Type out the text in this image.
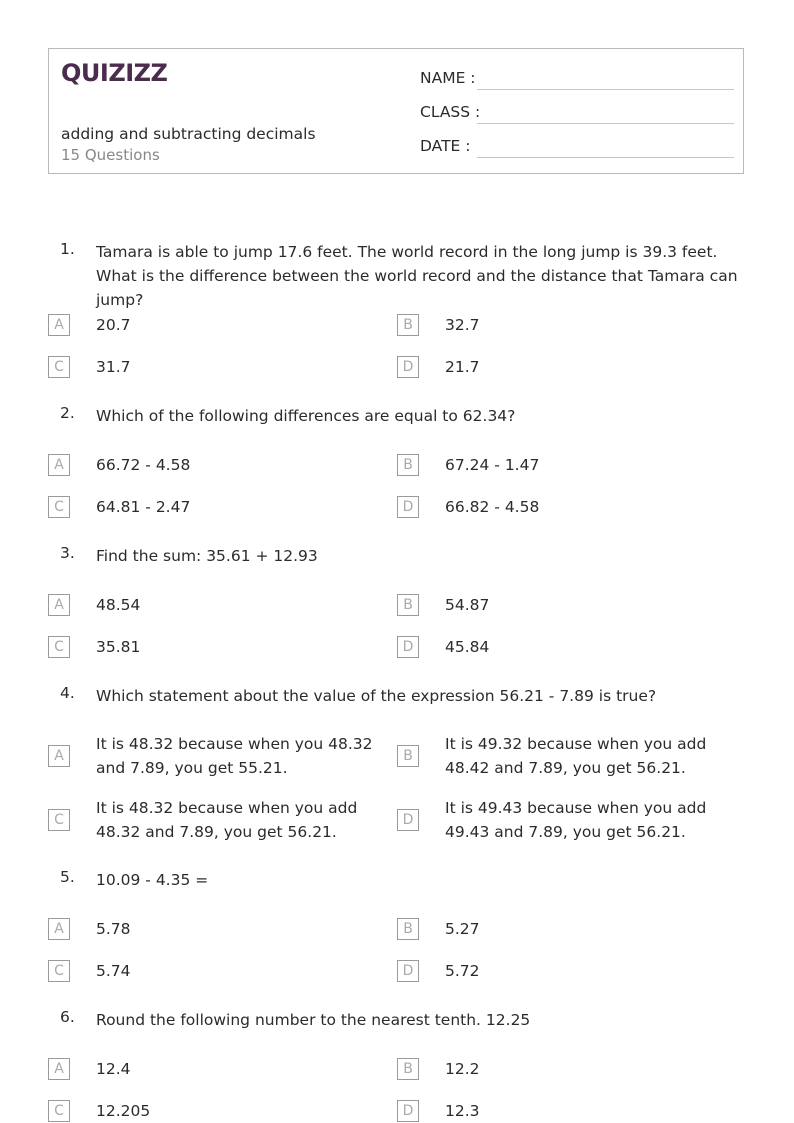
QUIZIZZ
adding and subtracting decimals
15 Questions
NAME :
CLASS :
DATE :
1. Tamara is able to jump 17.6 feet. The world record in the long jump is 39.3 feet. What is the difference between the world record and the distance that Tamara can jump?
A	20.7	B	32.7
C	31.7	D	21.7
2. Which of the following differences are equal to 62.34?
A	66.72 - 4.58	B	67.24 - 1.47
C	64.81 - 2.47	D	66.82 - 4.58
3. Find the sum: 35.61 + 12.93
A	48.54	B	54.87
C	35.81	D	45.84
4. Which statement about the value of the expression 56.21 - 7.89 is true?
A
It is 48.32 because when you 48.32 and 7.89, you get 55.21.
B
It is 49.32 because when you add 48.42 and 7.89, you get 56.21.
C
It is 48.32 because when you add 48.32 and 7.89, you get 56.21.
D
It is 49.43 because when you add 49.43 and 7.89, you get 56.21.
5. 10.09 - 4.35 =
A	5.78	B	5.27
C	5.74	D	5.72
6. Round the following number to the nearest tenth. 12.25
A	12.4	B	12.2
C	12.205	D	12.3
